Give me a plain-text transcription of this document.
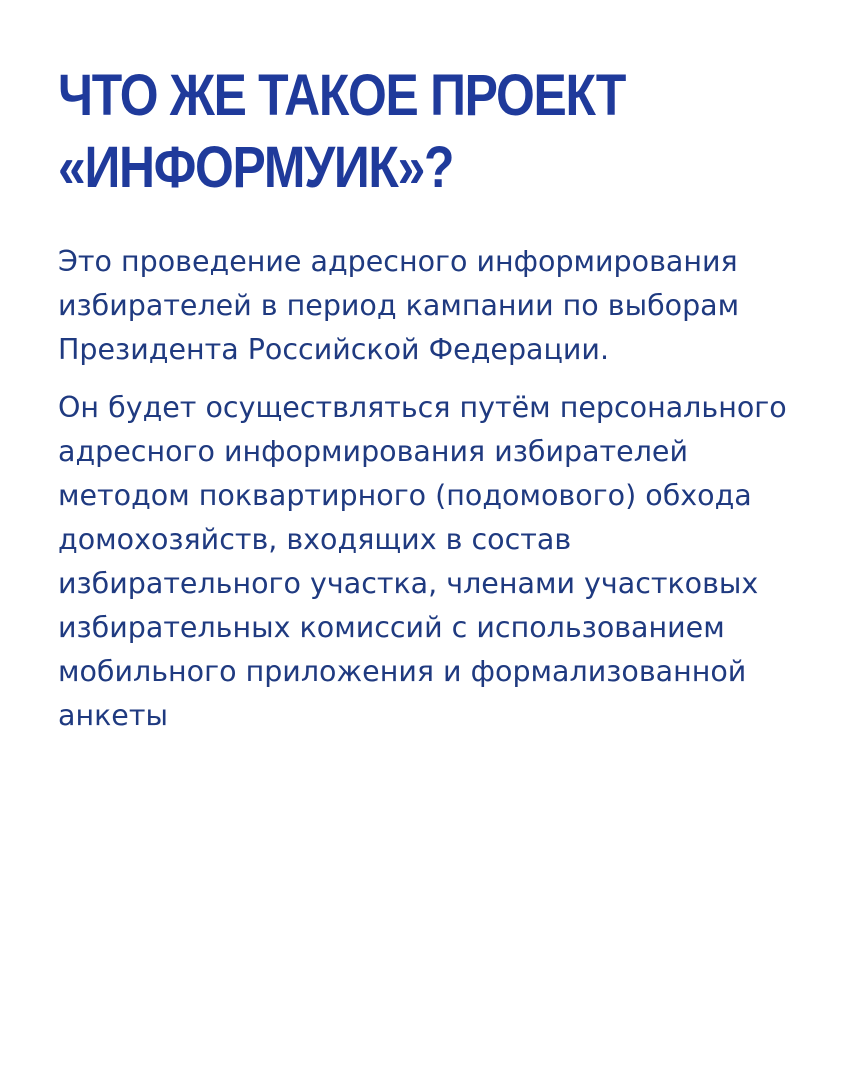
ЧТО ЖЕ ТАКОЕ ПРОЕКТ
«ИНФОРМУИК»?

Это проведение адресного информирования
избирателей в период кампании по выборам
Президента Российской Федерации.

Он будет осуществляться путём персонального
адресного информирования избирателей
методом поквартирного (подомового) обхода
домохозяйств, входящих в состав
избирательного участка, членами участковых
избирательных комиссий с использованием
мобильного приложения и формализованной
анкеты
